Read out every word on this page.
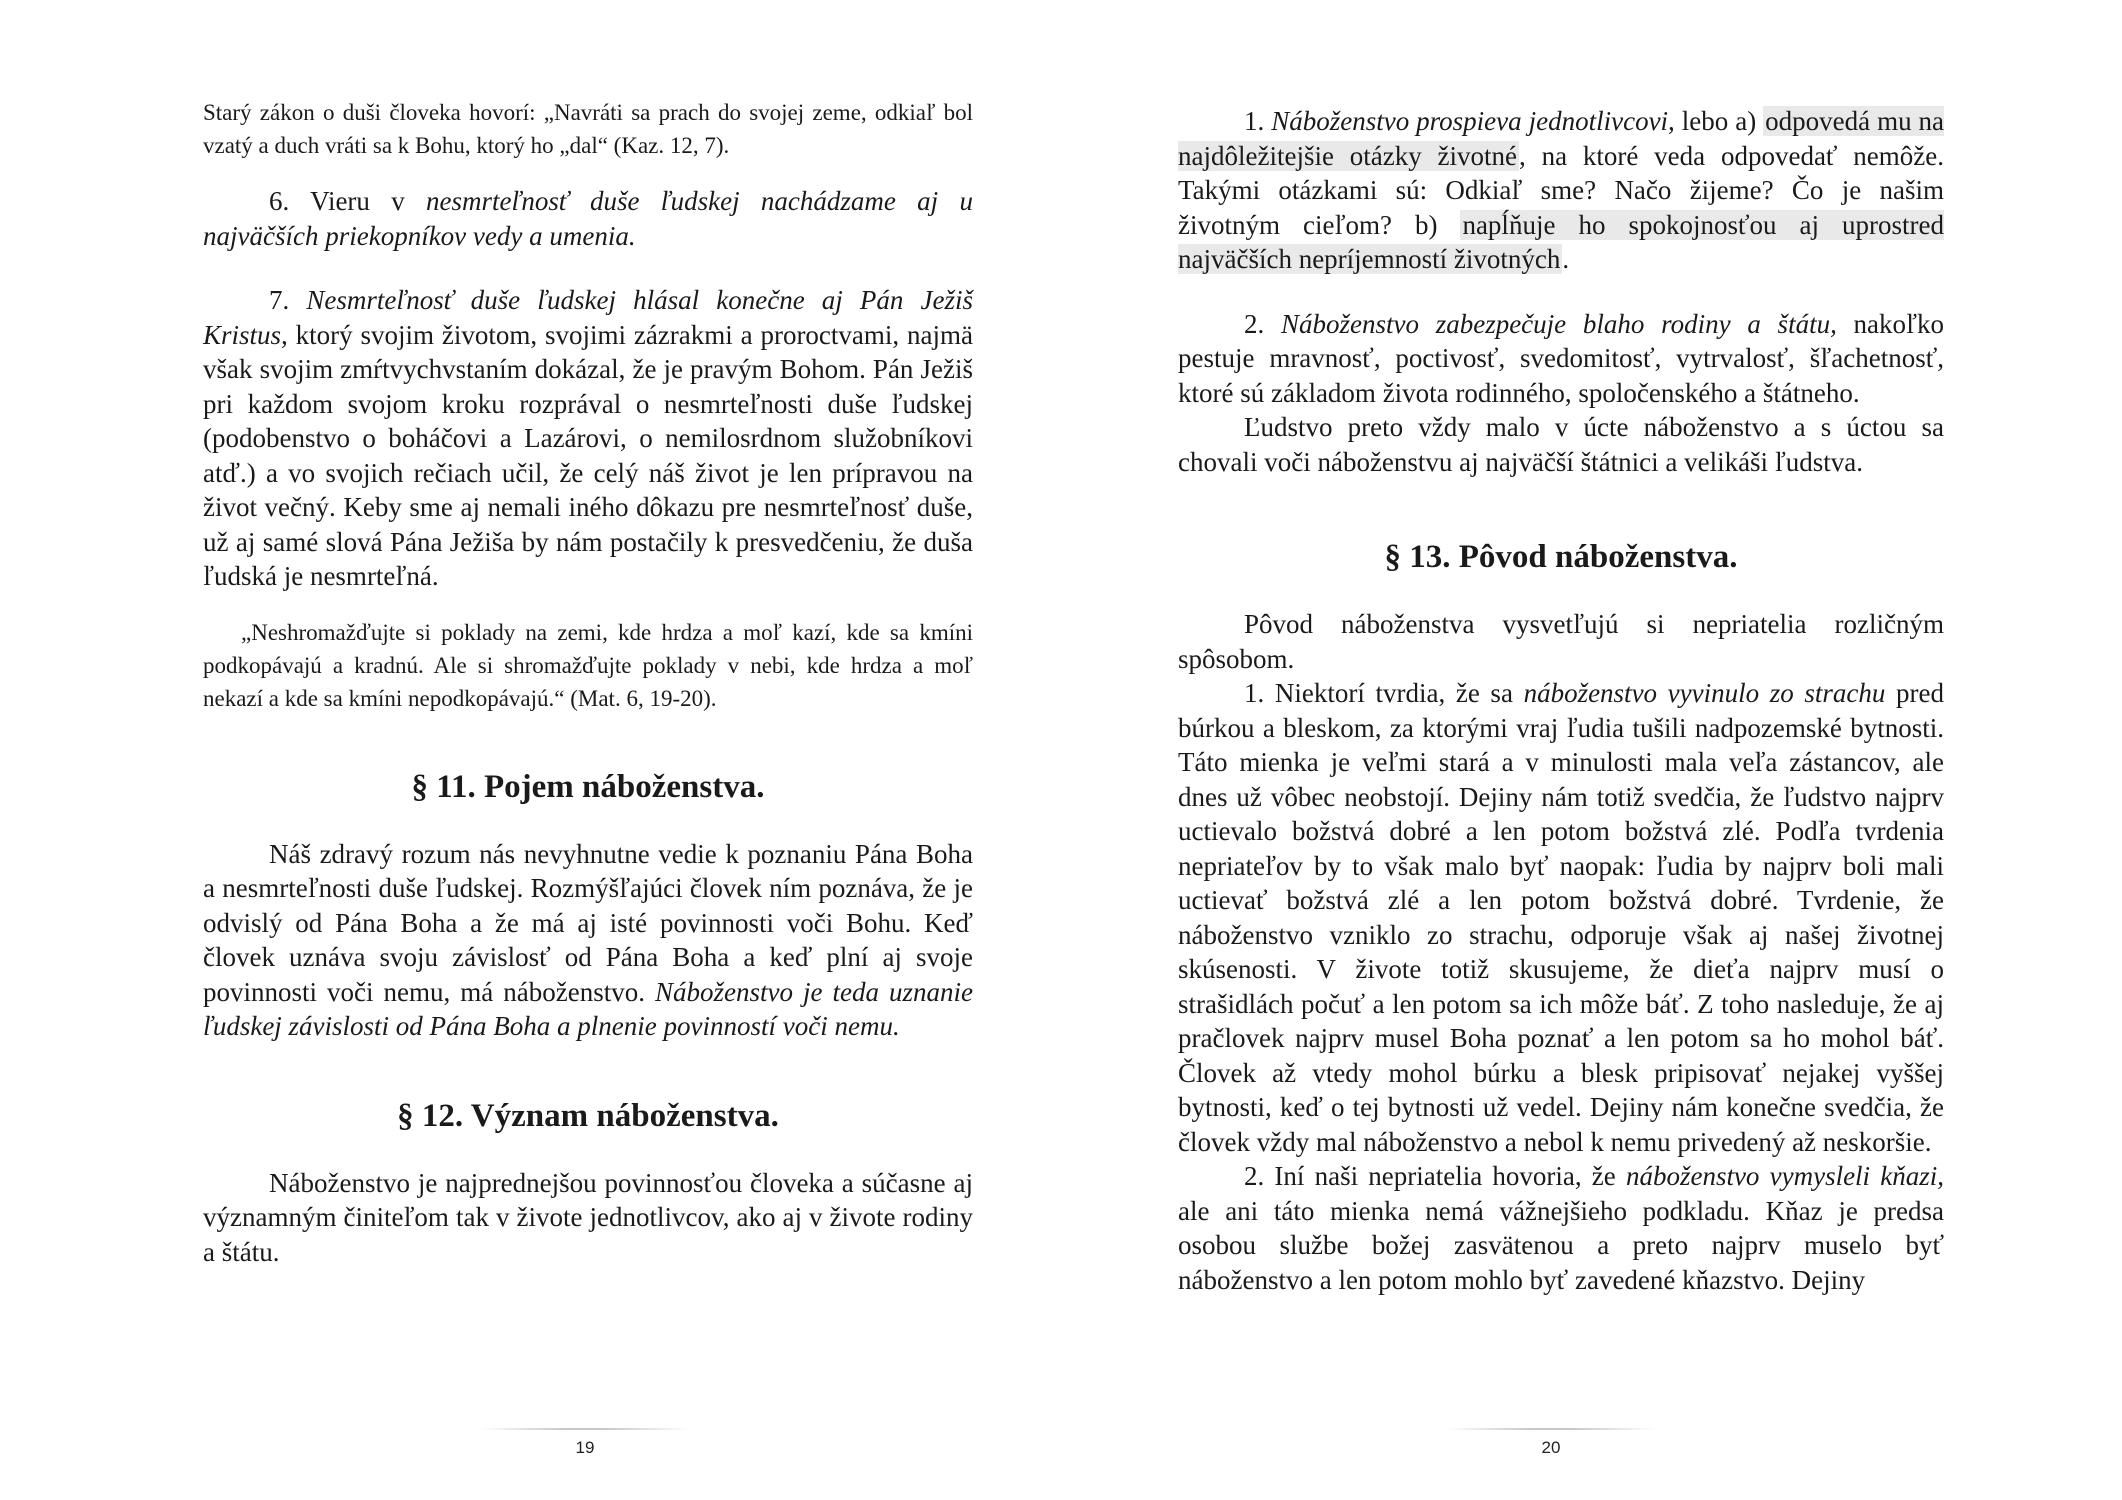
Starý zákon o duši človeka hovorí: „Navráti sa prach do svojej zeme, odkiaľ bol vzatý a duch vráti sa k Bohu, ktorý ho „dal“ (Kaz. 12, 7).

6. Vieru v nesmrteľnosť duše ľudskej nachádzame aj u najväčších priekopníkov vedy a umenia.

7. Nesmrteľnosť duše ľudskej hlásal konečne aj Pán Ježiš Kristus, ktorý svojim životom, svojimi zázrakmi a proroctvami, najmä však svojim zmŕtvychvstaním dokázal, že je pravým Bohom. Pán Ježiš pri každom svojom kroku rozprával o nesmrteľnosti duše ľudskej (podobenstvo o boháčovi a Lazárovi, o nemilosrdnom služobníkovi atď.) a vo svojich rečiach učil, že celý náš život je len prípravou na život večný. Keby sme aj nemali iného dôkazu pre nesmrteľnosť duše, už aj samé slová Pána Ježiša by nám postačily k presvedčeniu, že duša ľudská je nesmrteľná.

„Neshromažďujte si poklady na zemi, kde hrdza a moľ kazí, kde sa kmíni podkopávajú a kradnú. Ale si shromažďujte poklady v nebi, kde hrdza a moľ nekazí a kde sa kmíni nepodkopávajú.“ (Mat. 6, 19-20).

§ 11. Pojem náboženstva.

Náš zdravý rozum nás nevyhnutne vedie k poznaniu Pána Boha a nesmrteľnosti duše ľudskej. Rozmýšľajúci človek ním poznáva, že je odvislý od Pána Boha a že má aj isté povinnosti voči Bohu. Keď človek uznáva svoju závislosť od Pána Boha a keď plní aj svoje povinnosti voči nemu, má náboženstvo. Náboženstvo je teda uznanie ľudskej závislosti od Pána Boha a plnenie povinností voči nemu.

§ 12. Význam náboženstva.

Náboženstvo je najprednejšou povinnosťou človeka a súčasne aj významným činiteľom tak v živote jednotlivcov, ako aj v živote rodiny a štátu.

19

1. Náboženstvo prospieva jednotlivcovi, lebo a) odpovedá mu na najdôležitejšie otázky životné, na ktoré veda odpovedať nemôže. Takými otázkami sú: Odkiaľ sme? Načo žijeme? Čo je našim životným cieľom? b) napĺňuje ho spokojnosťou aj uprostred najväčších nepríjemností životných.

2. Náboženstvo zabezpečuje blaho rodiny a štátu, nakoľko pestuje mravnosť, poctivosť, svedomitosť, vytrvalosť, šľachetnosť, ktoré sú základom života rodinného, spoločenského a štátneho.

Ľudstvo preto vždy malo v úcte náboženstvo a s úctou sa chovali voči náboženstvu aj najväčší štátnici a velikáši ľudstva.

§ 13. Pôvod náboženstva.

Pôvod náboženstva vysvetľujú si nepriatelia rozličným spôsobom.

1. Niektorí tvrdia, že sa náboženstvo vyvinulo zo strachu pred búrkou a bleskom, za ktorými vraj ľudia tušili nadpozemské bytnosti. Táto mienka je veľmi stará a v minulosti mala veľa zástancov, ale dnes už vôbec neobstojí. Dejiny nám totiž svedčia, že ľudstvo najprv uctievalo božstvá dobré a len potom božstvá zlé. Podľa tvrdenia nepriateľov by to však malo byť naopak: ľudia by najprv boli mali uctievať božstvá zlé a len potom božstvá dobré. Tvrdenie, že náboženstvo vzniklo zo strachu, odporuje však aj našej životnej skúsenosti. V živote totiž skusujeme, že dieťa najprv musí o strašidlách počuť a len potom sa ich môže báť. Z toho nasleduje, že aj pračlovek najprv musel Boha poznať a len potom sa ho mohol báť. Človek až vtedy mohol búrku a blesk pripisovať nejakej vyššej bytnosti, keď o tej bytnosti už vedel. Dejiny nám konečne svedčia, že človek vždy mal náboženstvo a nebol k nemu privedený až neskoršie.

2. Iní naši nepriatelia hovoria, že náboženstvo vymysleli kňazi, ale ani táto mienka nemá vážnejšieho podkladu. Kňaz je predsa osobou službe božej zasvätenou a preto najprv muselo byť náboženstvo a len potom mohlo byť zavedené kňazstvo. Dejiny

20
